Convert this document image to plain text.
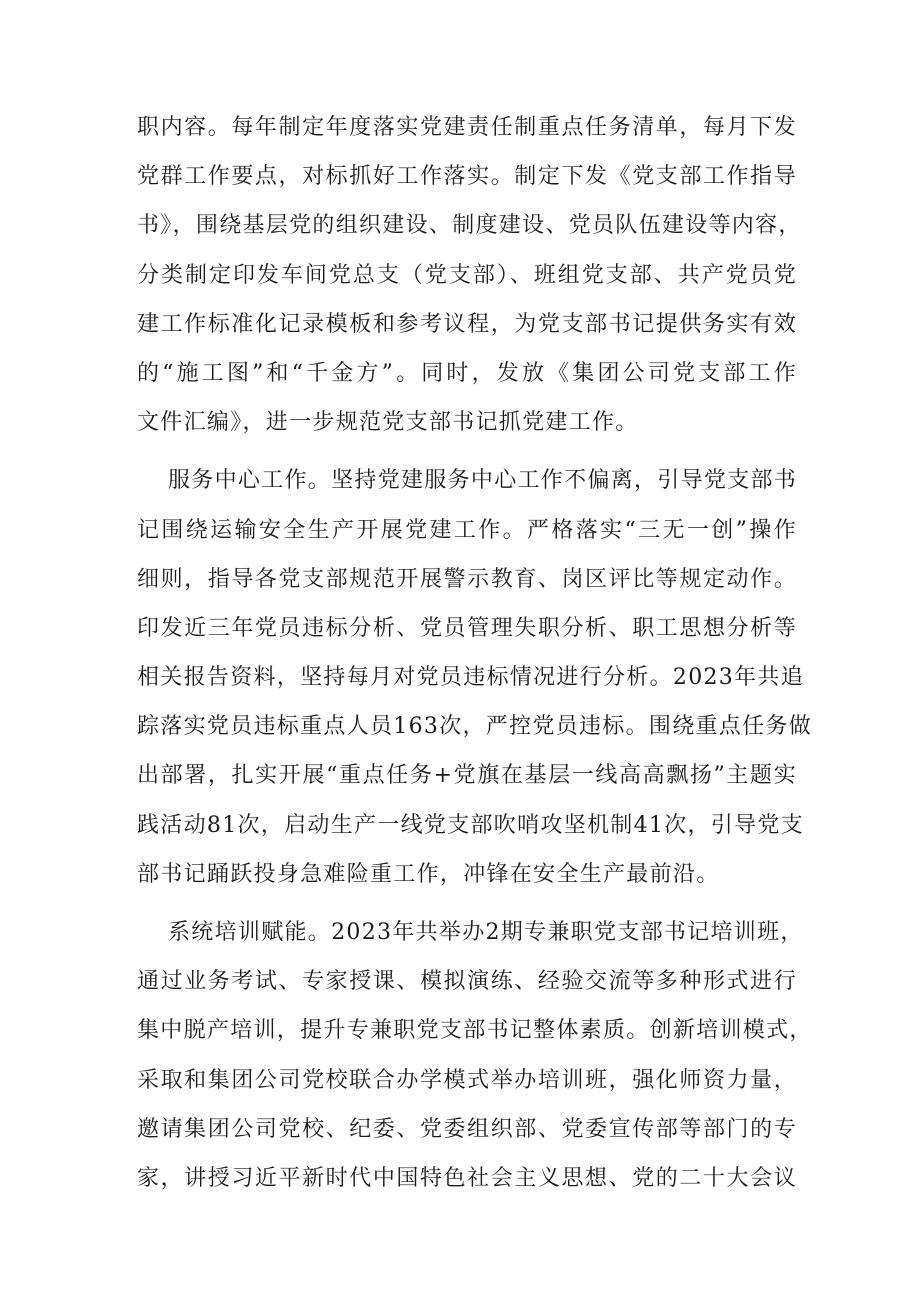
职内容。每年制定年度落实党建责任制重点任务清单，每月下发
党群工作要点，对标抓好工作落实。制定下发《党支部工作指导
书》，围绕基层党的组织建设、制度建设、党员队伍建设等内容，
分类制定印发车间党总支（党支部）、班组党支部、共产党员党
建工作标准化记录模板和参考议程，为党支部书记提供务实有效
的“施工图”和“千金方”。同时，发放《集团公司党支部工作
文件汇编》，进一步规范党支部书记抓党建工作。

服务中心工作。坚持党建服务中心工作不偏离，引导党支部书
记围绕运输安全生产开展党建工作。严格落实“三无一创”操作
细则，指导各党支部规范开展警示教育、岗区评比等规定动作。
印发近三年党员违标分析、党员管理失职分析、职工思想分析等
相关报告资料，坚持每月对党员违标情况进行分析。2023年共追
踪落实党员违标重点人员163次，严控党员违标。围绕重点任务做
出部署，扎实开展“重点任务+党旗在基层一线高高飘扬”主题实
践活动81次，启动生产一线党支部吹哨攻坚机制41次，引导党支
部书记踊跃投身急难险重工作，冲锋在安全生产最前沿。

系统培训赋能。2023年共举办2期专兼职党支部书记培训班，
通过业务考试、专家授课、模拟演练、经验交流等多种形式进行
集中脱产培训，提升专兼职党支部书记整体素质。创新培训模式，
采取和集团公司党校联合办学模式举办培训班，强化师资力量，
邀请集团公司党校、纪委、党委组织部、党委宣传部等部门的专
家，讲授习近平新时代中国特色社会主义思想、党的二十大会议
